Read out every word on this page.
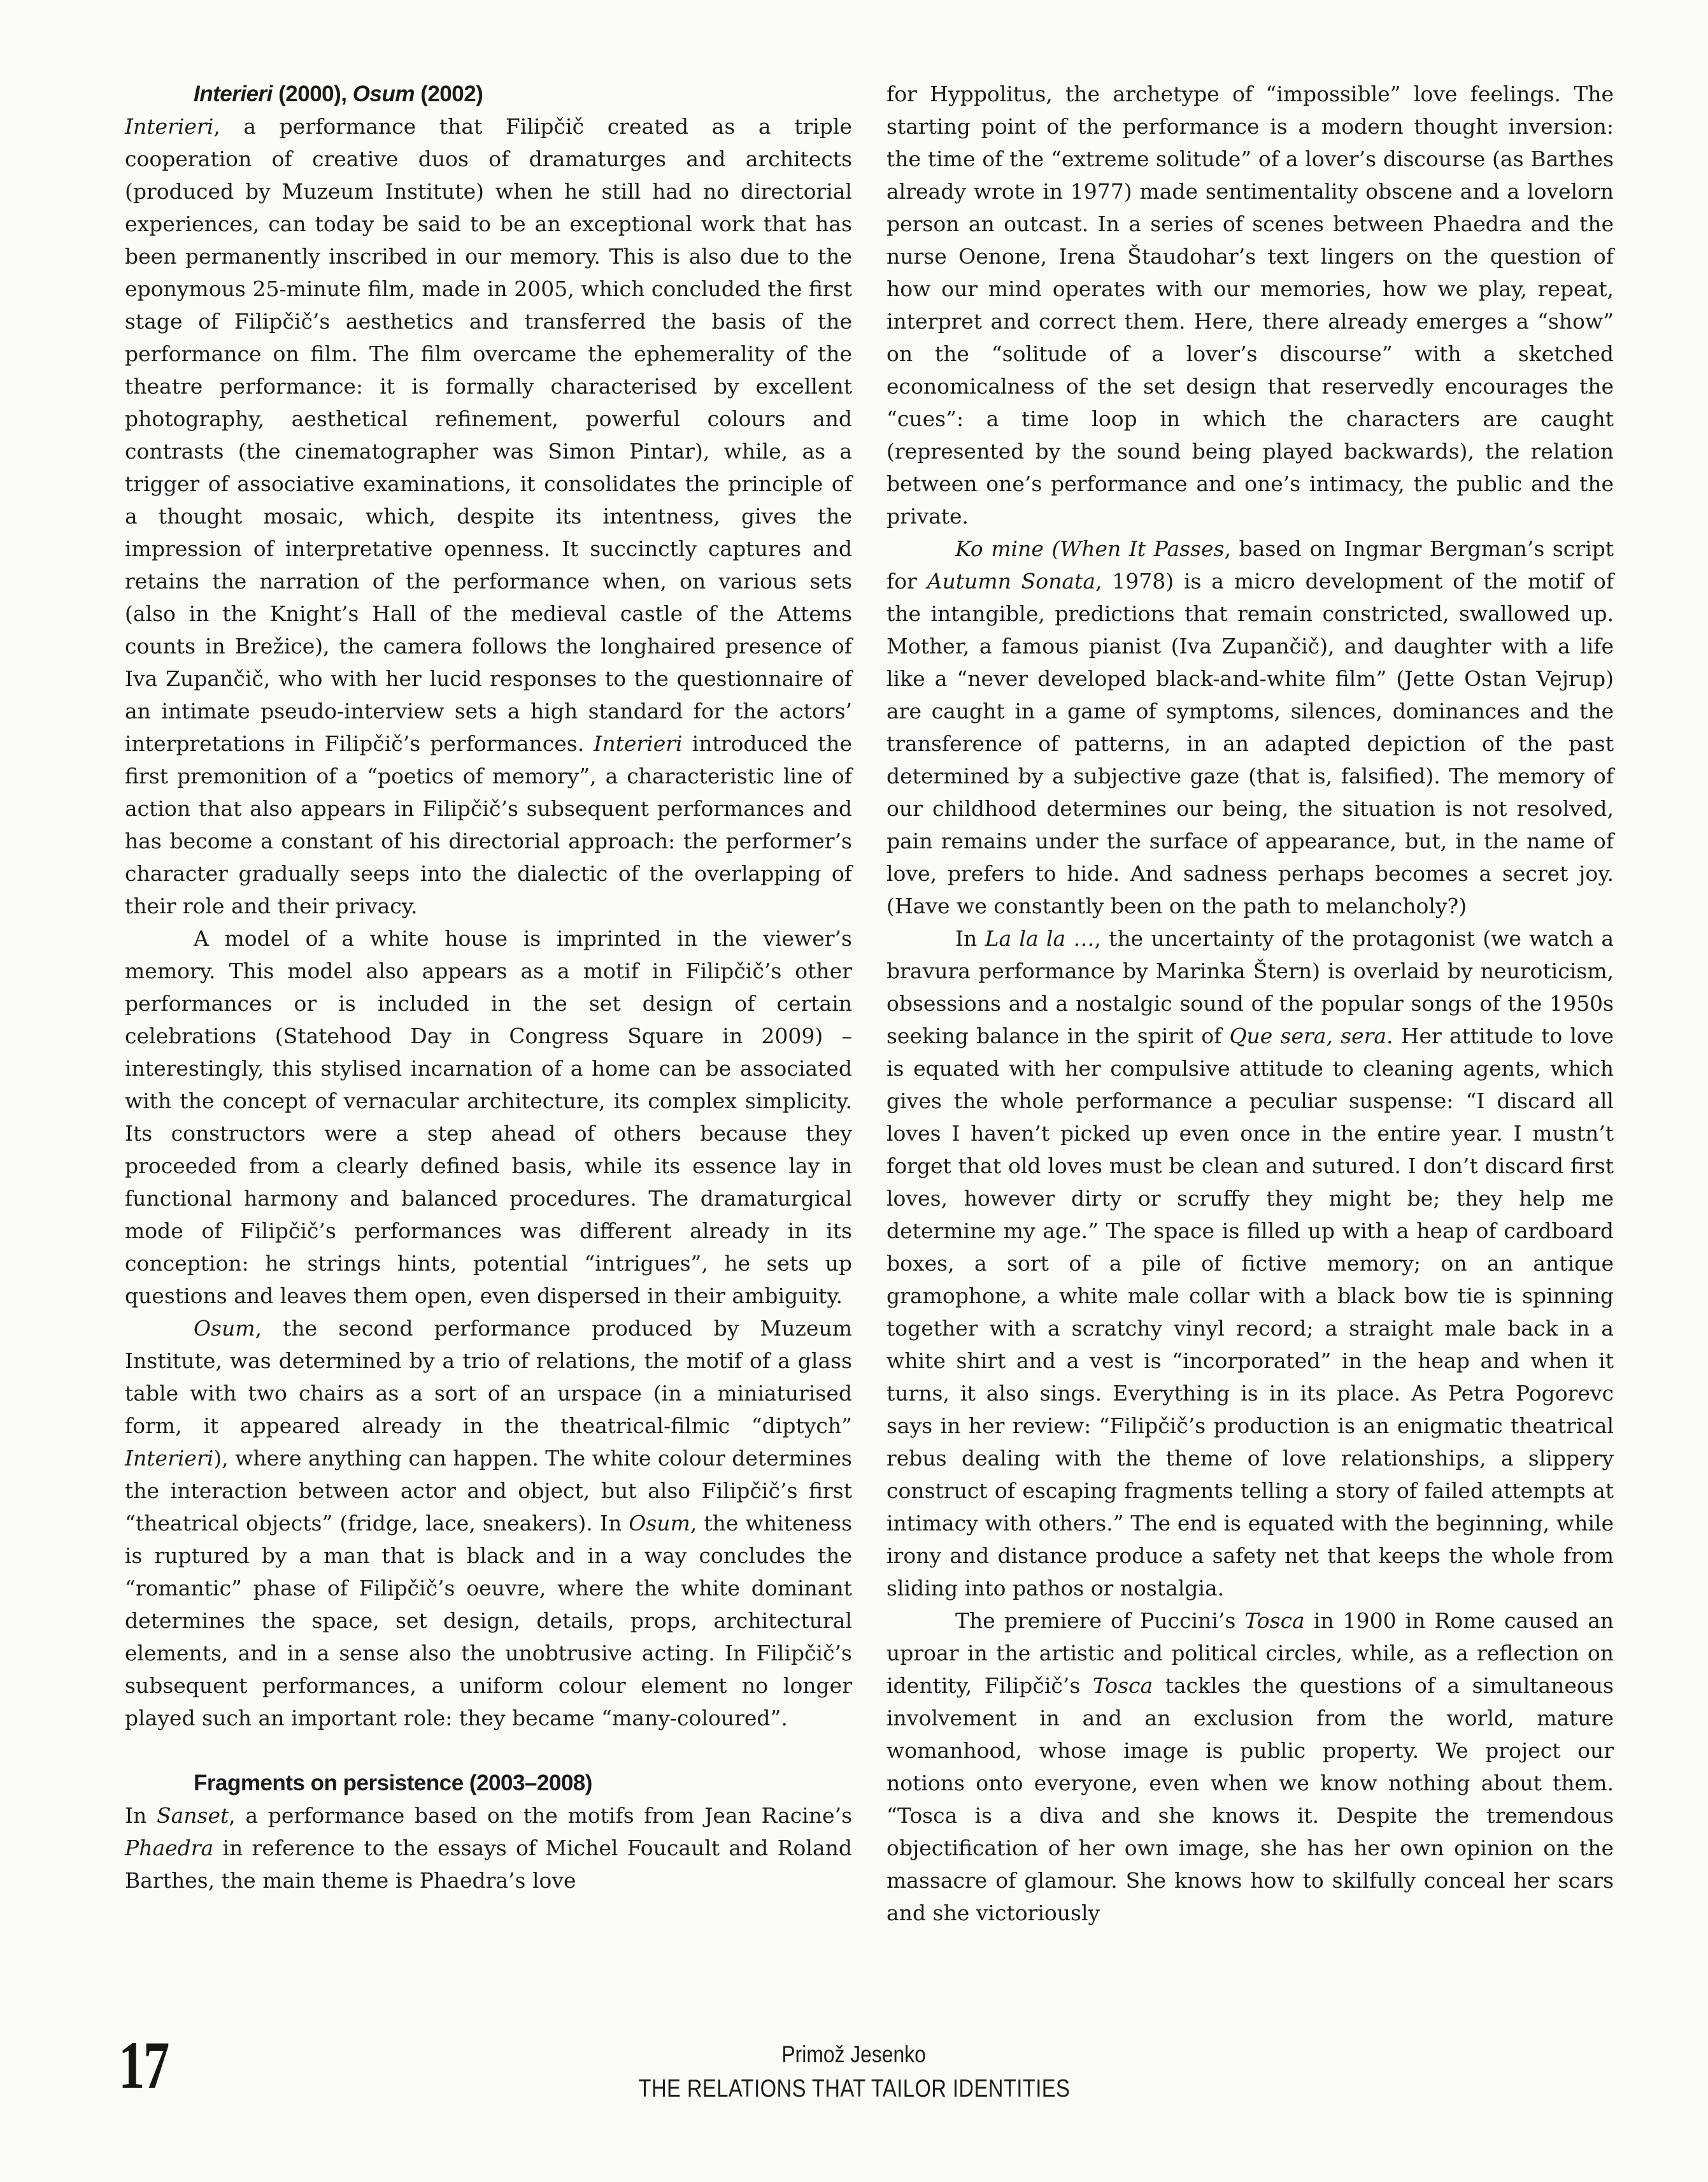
Interieri (2000), Osum (2002)
Interieri, a performance that Filipčič created as a triple cooperation of creative duos of dramaturges and architects (produced by Muzeum Institute) when he still had no directorial experiences, can today be said to be an exceptional work that has been permanently inscribed in our memory. This is also due to the eponymous 25-minute film, made in 2005, which concluded the first stage of Filipčič’s aesthetics and transferred the basis of the performance on film. The film overcame the ephemerality of the theatre performance: it is formally characterised by excellent photography, aesthetical refinement, powerful colours and contrasts (the cinematographer was Simon Pintar), while, as a trigger of associative examinations, it consolidates the principle of a thought mosaic, which, despite its intentness, gives the impression of interpretative openness. It succinctly captures and retains the narration of the performance when, on various sets (also in the Knight’s Hall of the medieval castle of the Attems counts in Brežice), the camera follows the longhaired presence of Iva Zupančič, who with her lucid responses to the questionnaire of an intimate pseudo-interview sets a high standard for the actors’ interpretations in Filipčič’s performances. Interieri introduced the first premonition of a “poetics of memory”, a characteristic line of action that also appears in Filipčič’s subsequent performances and has become a constant of his directorial approach: the performer’s character gradually seeps into the dialectic of the overlapping of their role and their privacy.
A model of a white house is imprinted in the viewer’s memory. This model also appears as a motif in Filipčič’s other performances or is included in the set design of certain celebrations (Statehood Day in Congress Square in 2009) – interestingly, this stylised incarnation of a home can be associated with the concept of vernacular architecture, its complex simplicity. Its constructors were a step ahead of others because they proceeded from a clearly defined basis, while its essence lay in functional harmony and balanced procedures. The dramaturgical mode of Filipčič’s performances was different already in its conception: he strings hints, potential “intrigues”, he sets up questions and leaves them open, even dispersed in their ambiguity.
Osum, the second performance produced by Muzeum Institute, was determined by a trio of relations, the motif of a glass table with two chairs as a sort of an urspace (in a miniaturised form, it appeared already in the theatrical-filmic “diptych” Interieri), where anything can happen. The white colour determines the interaction between actor and object, but also Filipčič’s first “theatrical objects” (fridge, lace, sneakers). In Osum, the whiteness is ruptured by a man that is black and in a way concludes the “romantic” phase of Filipčič’s oeuvre, where the white dominant determines the space, set design, details, props, architectural elements, and in a sense also the unobtrusive acting. In Filipčič’s subsequent performances, a uniform colour element no longer played such an important role: they became “many-coloured”.
Fragments on persistence (2003–2008)
In Sanset, a performance based on the motifs from Jean Racine’s Phaedra in reference to the essays of Michel Foucault and Roland Barthes, the main theme is Phaedra’s love
for Hyppolitus, the archetype of “impossible” love feelings. The starting point of the performance is a modern thought inversion: the time of the “extreme solitude” of a lover’s discourse (as Barthes already wrote in 1977) made sentimentality obscene and a lovelorn person an outcast. In a series of scenes between Phaedra and the nurse Oenone, Irena Štaudohar’s text lingers on the question of how our mind operates with our memories, how we play, repeat, interpret and correct them. Here, there already emerges a “show” on the “solitude of a lover’s discourse” with a sketched economicalness of the set design that reservedly encourages the “cues”: a time loop in which the characters are caught (represented by the sound being played backwards), the relation between one’s performance and one’s intimacy, the public and the private.
Ko mine (When It Passes, based on Ingmar Bergman’s script for Autumn Sonata, 1978) is a micro development of the motif of the intangible, predictions that remain constricted, swallowed up. Mother, a famous pianist (Iva Zupančič), and daughter with a life like a “never developed black-and-white film” (Jette Ostan Vejrup) are caught in a game of symptoms, silences, dominances and the transference of patterns, in an adapted depiction of the past determined by a subjective gaze (that is, falsified). The memory of our childhood determines our being, the situation is not resolved, pain remains under the surface of appearance, but, in the name of love, prefers to hide. And sadness perhaps becomes a secret joy. (Have we constantly been on the path to melancholy?)
In La la la …, the uncertainty of the protagonist (we watch a bravura performance by Marinka Štern) is overlaid by neuroticism, obsessions and a nostalgic sound of the popular songs of the 1950s seeking balance in the spirit of Que sera, sera. Her attitude to love is equated with her compulsive attitude to cleaning agents, which gives the whole performance a peculiar suspense: “I discard all loves I haven’t picked up even once in the entire year. I mustn’t forget that old loves must be clean and sutured. I don’t discard first loves, however dirty or scruffy they might be; they help me determine my age.” The space is filled up with a heap of cardboard boxes, a sort of a pile of fictive memory; on an antique gramophone, a white male collar with a black bow tie is spinning together with a scratchy vinyl record; a straight male back in a white shirt and a vest is “incorporated” in the heap and when it turns, it also sings. Everything is in its place. As Petra Pogorevc says in her review: “Filipčič’s production is an enigmatic theatrical rebus dealing with the theme of love relationships, a slippery construct of escaping fragments telling a story of failed attempts at intimacy with others.” The end is equated with the beginning, while irony and distance produce a safety net that keeps the whole from sliding into pathos or nostalgia.
The premiere of Puccini’s Tosca in 1900 in Rome caused an uproar in the artistic and political circles, while, as a reflection on identity, Filipčič’s Tosca tackles the questions of a simultaneous involvement in and an exclusion from the world, mature womanhood, whose image is public property. We project our notions onto everyone, even when we know nothing about them. “Tosca is a diva and she knows it. Despite the tremendous objectification of her own image, she has her own opinion on the massacre of glamour. She knows how to skilfully conceal her scars and she victoriously
17	Primož Jesenko
THE RELATIONS THAT TAILOR IDENTITIES
